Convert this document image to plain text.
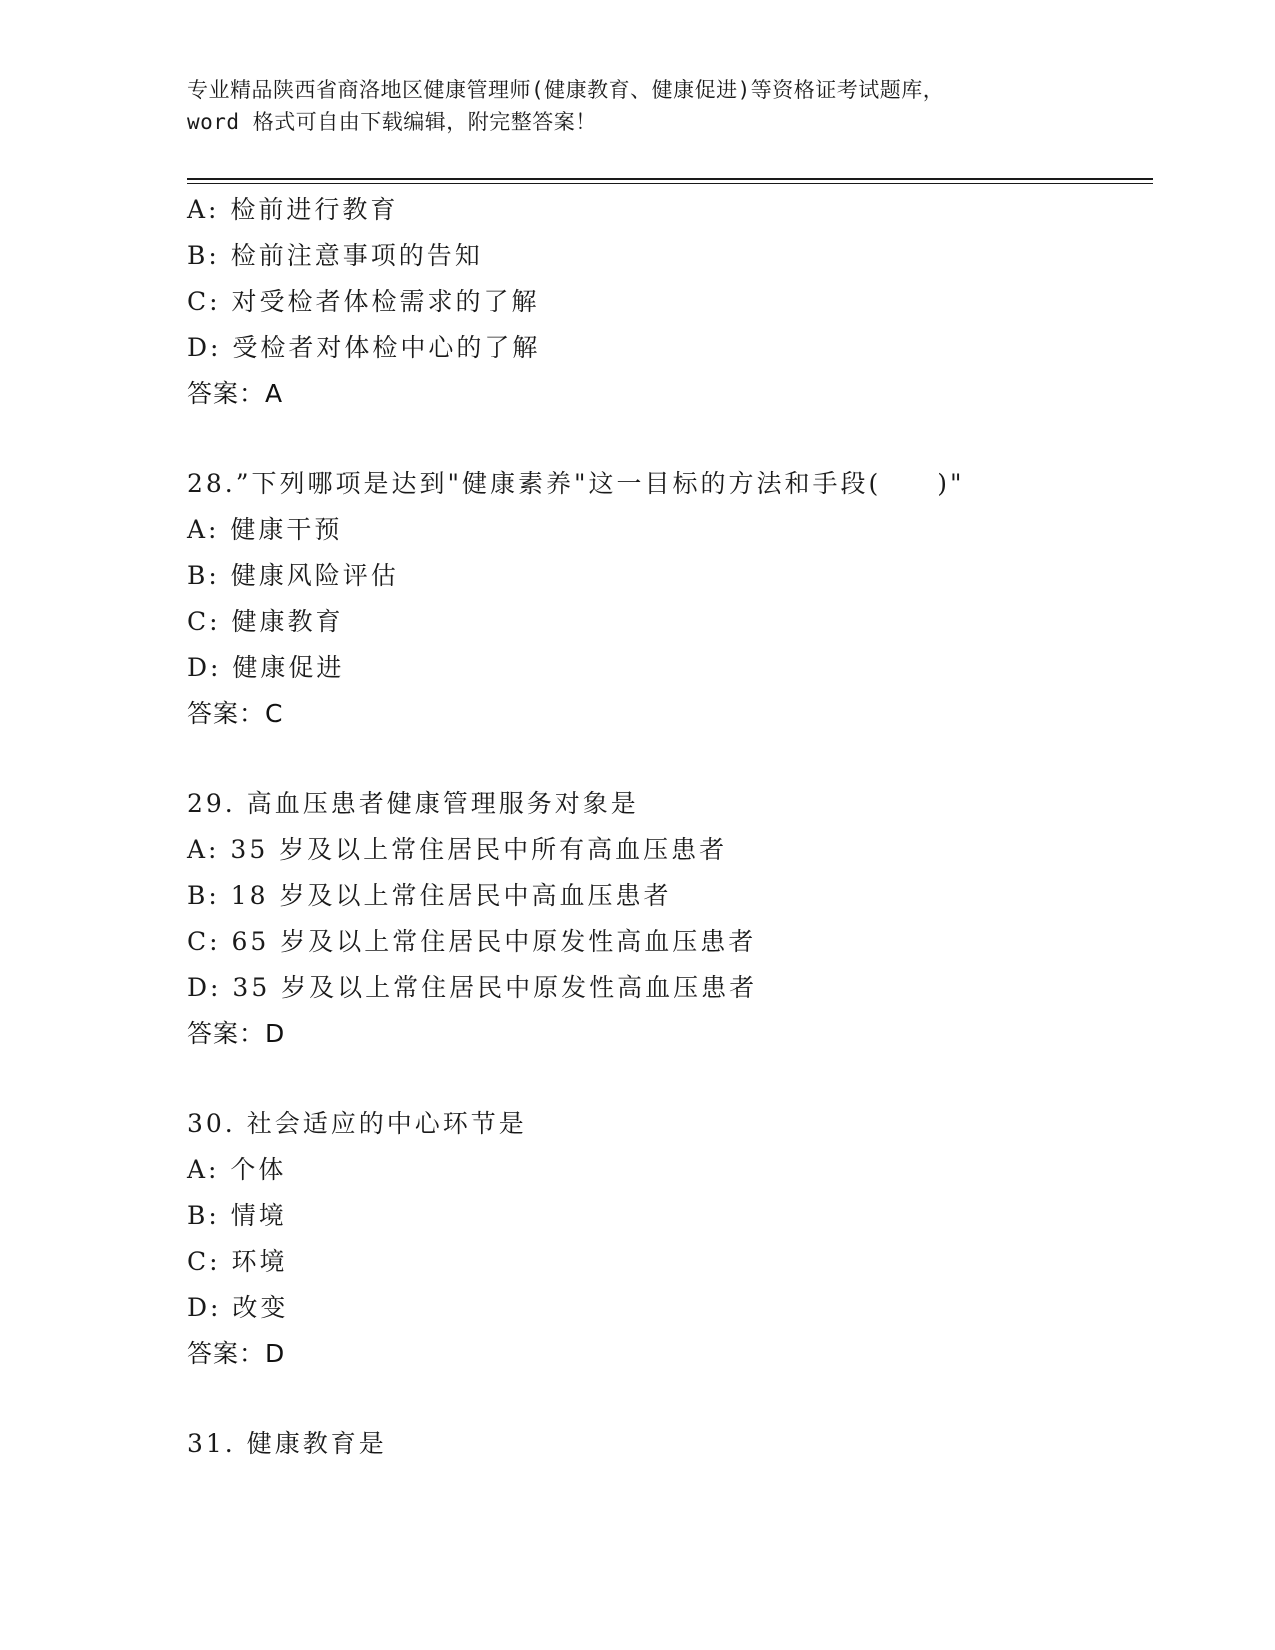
专业精品陕西省商洛地区健康管理师(健康教育、健康促进)等资格证考试题库，
word 格式可自由下载编辑，附完整答案！
A: 检前进行教育
B: 检前注意事项的告知
C: 对受检者体检需求的了解
D: 受检者对体检中心的了解
答案：A
28.”下列哪项是达到"健康素养"这一目标的方法和手段(　　)"
A: 健康干预
B: 健康风险评估
C: 健康教育
D: 健康促进
答案：C
29. 高血压患者健康管理服务对象是
A: 35 岁及以上常住居民中所有高血压患者
B: 18 岁及以上常住居民中高血压患者
C: 65 岁及以上常住居民中原发性高血压患者
D: 35 岁及以上常住居民中原发性高血压患者
答案：D
30. 社会适应的中心环节是
A: 个体
B: 情境
C: 环境
D: 改变
答案：D
31. 健康教育是
